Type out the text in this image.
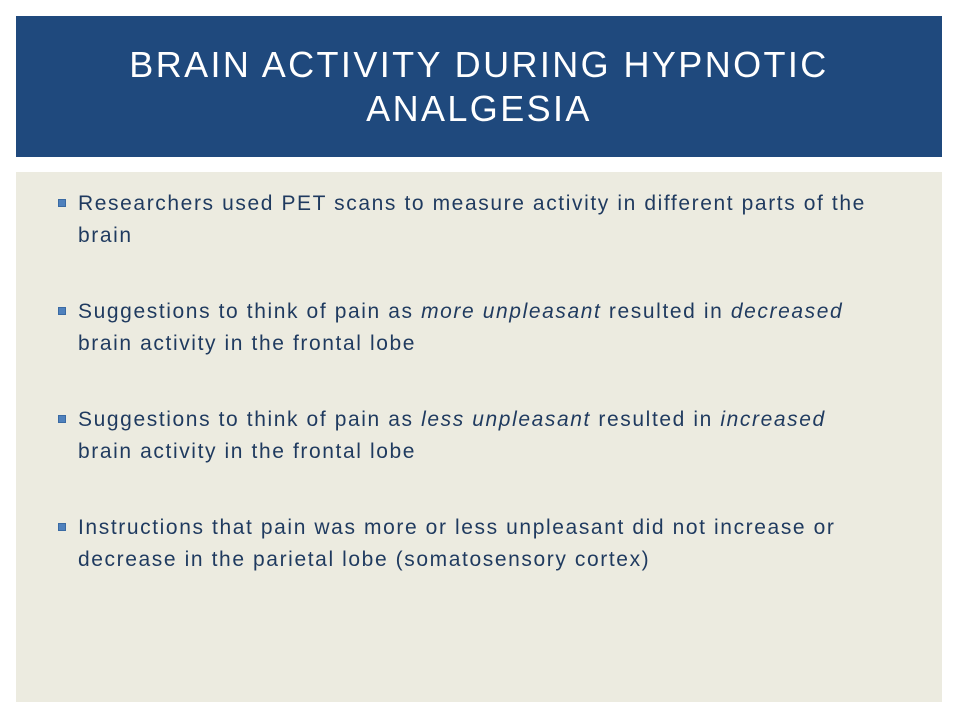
BRAIN ACTIVITY DURING HYPNOTIC ANALGESIA
Researchers used PET scans to measure activity in different parts of the brain
Suggestions to think of pain as more unpleasant resulted in decreased brain activity in the frontal lobe
Suggestions to think of pain as less unpleasant resulted in increased brain activity in the frontal lobe
Instructions that pain was more or less unpleasant did not increase or decrease in the parietal lobe (somatosensory cortex)
